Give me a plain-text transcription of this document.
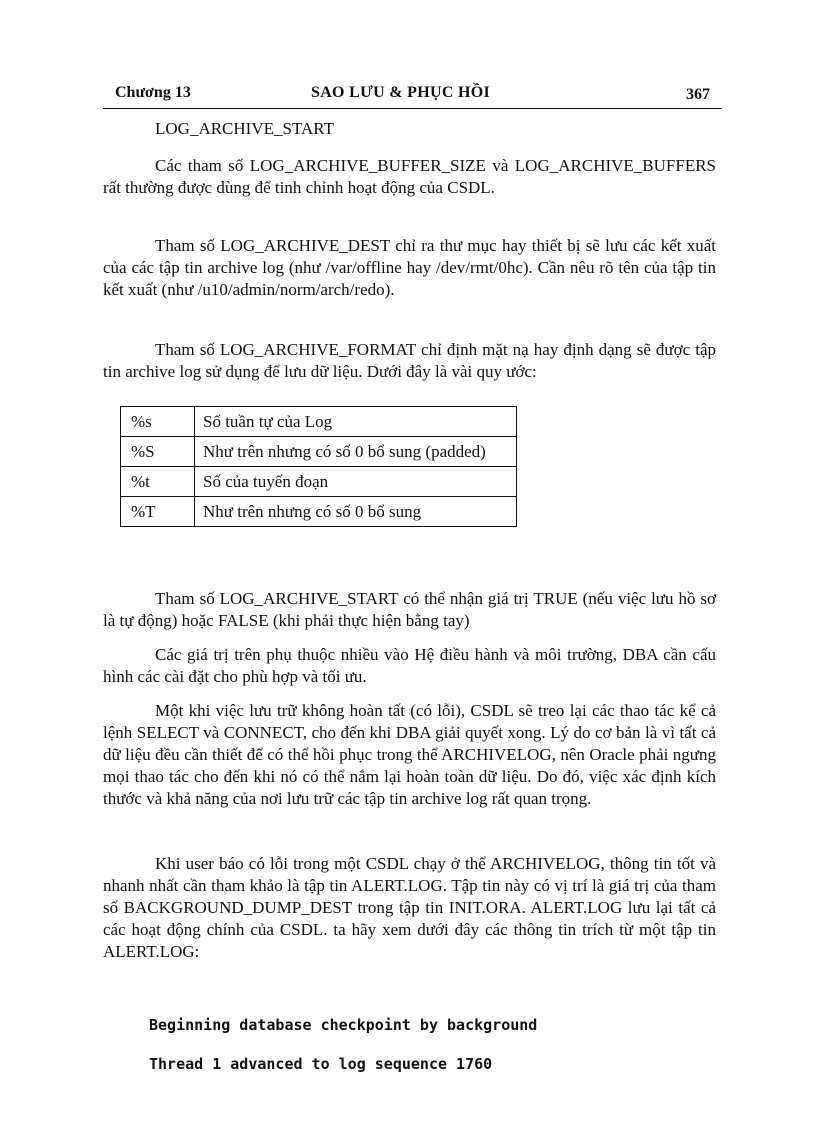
Chương 13	SAO LƯU & PHỤC HỒI	367
LOG_ARCHIVE_START

Các tham số LOG_ARCHIVE_BUFFER_SIZE và LOG_ARCHIVE_BUFFERS rất thường được dùng để tinh chỉnh hoạt động của CSDL.

Tham số LOG_ARCHIVE_DEST chỉ ra thư mục hay thiết bị sẽ lưu các kết xuất của các tập tin archive log (như /var/offline hay /dev/rmt/0hc). Cần nêu rõ tên của tập tin kết xuất (như /u10/admin/norm/arch/redo).

Tham số LOG_ARCHIVE_FORMAT chỉ định mặt nạ hay định dạng sẽ được tập tin archive log sử dụng để lưu dữ liệu. Dưới đây là vài quy ước:

%s	Số tuần tự của Log
%S	Như trên nhưng có số 0 bổ sung (padded)
%t	Số của tuyến đoạn
%T	Như trên nhưng có số 0 bổ sung

Tham số LOG_ARCHIVE_START có thể nhận giá trị TRUE (nếu việc lưu hồ sơ là tự động) hoặc FALSE (khi phải thực hiện bằng tay)

Các giá trị trên phụ thuộc nhiều vào Hệ điều hành và môi trường, DBA cần cấu hình các cài đặt cho phù hợp và tối ưu.

Một khi việc lưu trữ không hoàn tất (có lỗi), CSDL sẽ treo lại các thao tác kể cả lệnh SELECT và CONNECT, cho đến khi DBA giải quyết xong. Lý do cơ bản là vì tất cả dữ liệu đều cần thiết để có thể hồi phục trong thể ARCHIVELOG, nên Oracle phải ngưng mọi thao tác cho đến khi nó có thể nắm lại hoàn toàn dữ liệu. Do đó, việc xác định kích thước và khả năng của nơi lưu trữ các tập tin archive log rất quan trọng.

Khi user báo có lỗi trong một CSDL chạy ở thể ARCHIVELOG, thông tin tốt và nhanh nhất cần tham khảo là tập tin ALERT.LOG. Tập tin này có vị trí là giá trị của tham số BACKGROUND_DUMP_DEST trong tập tin INIT.ORA. ALERT.LOG lưu lại tất cả các hoạt động chính của CSDL. ta hãy xem dưới đây các thông tin trích từ một tập tin ALERT.LOG:

Beginning database checkpoint by background
Thread 1 advanced to log sequence 1760
